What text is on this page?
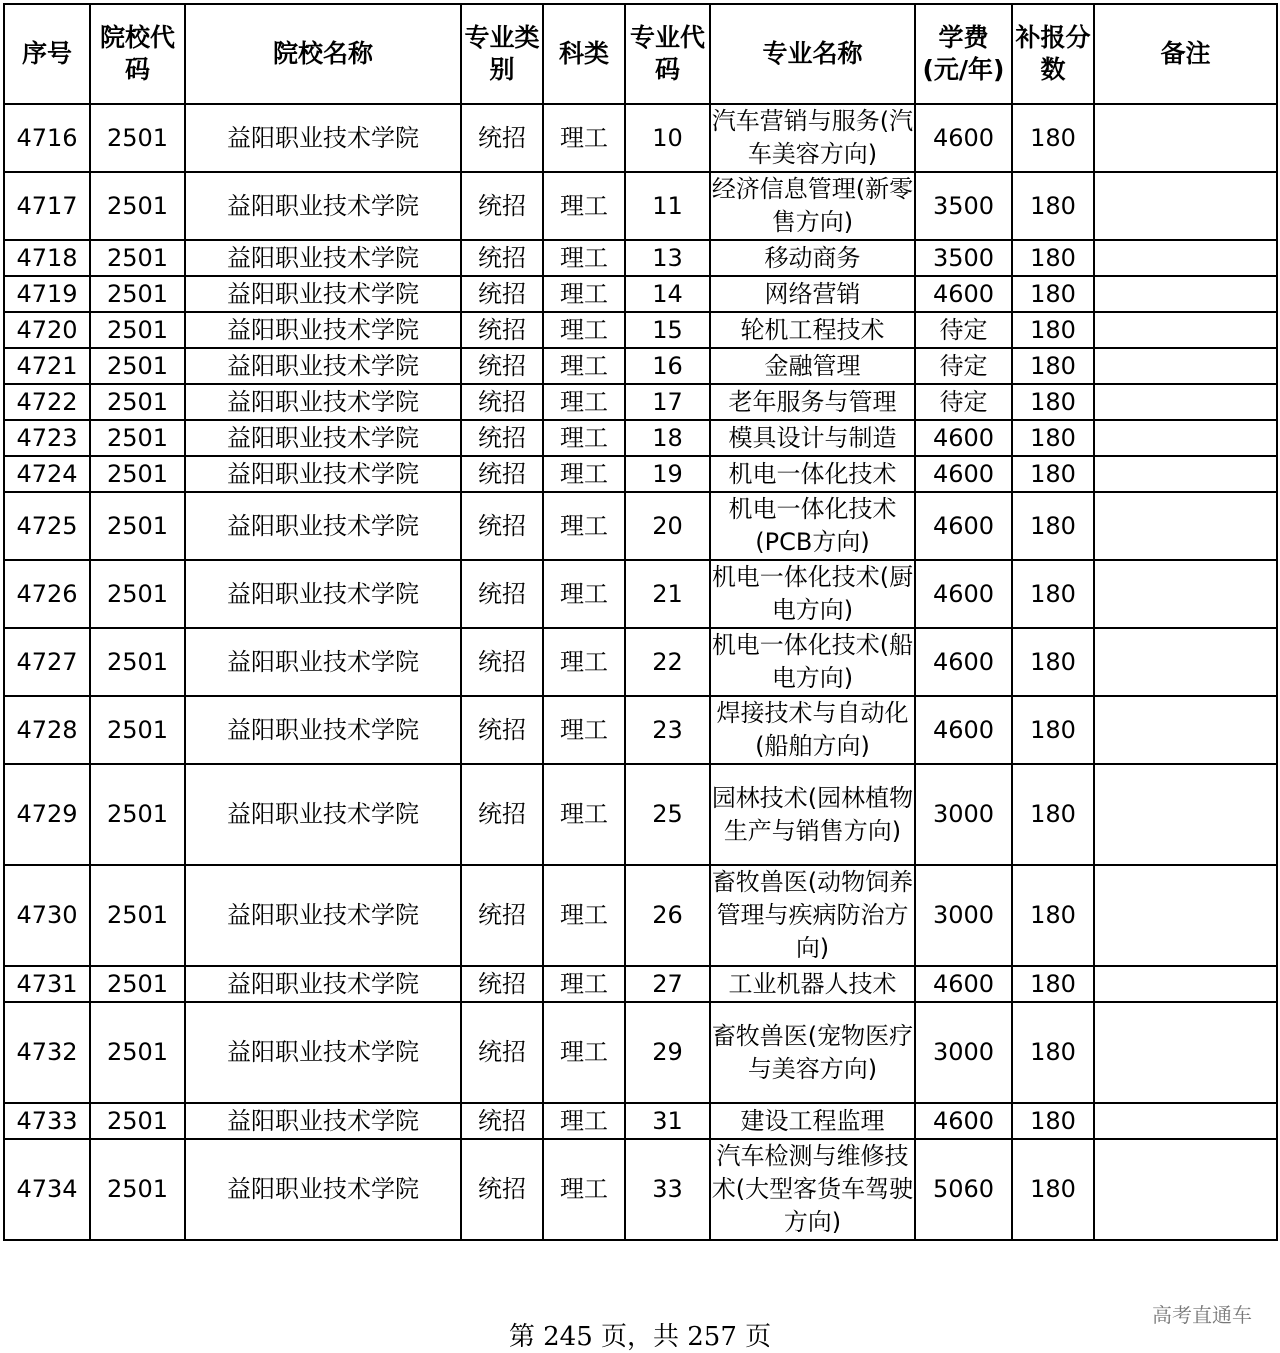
序号	院校代码	院校名称	专业类别	科类	专业代码	专业名称	学费(元/年)	补报分数	备注
4716	2501	益阳职业技术学院	统招	理工	10	汽车营销与服务(汽车美容方向)	4600	180	
4717	2501	益阳职业技术学院	统招	理工	11	经济信息管理(新零售方向)	3500	180	
4718	2501	益阳职业技术学院	统招	理工	13	移动商务	3500	180	
4719	2501	益阳职业技术学院	统招	理工	14	网络营销	4600	180	
4720	2501	益阳职业技术学院	统招	理工	15	轮机工程技术	待定	180	
4721	2501	益阳职业技术学院	统招	理工	16	金融管理	待定	180	
4722	2501	益阳职业技术学院	统招	理工	17	老年服务与管理	待定	180	
4723	2501	益阳职业技术学院	统招	理工	18	模具设计与制造	4600	180	
4724	2501	益阳职业技术学院	统招	理工	19	机电一体化技术	4600	180	
4725	2501	益阳职业技术学院	统招	理工	20	机电一体化技术(PCB方向)	4600	180	
4726	2501	益阳职业技术学院	统招	理工	21	机电一体化技术(厨电方向)	4600	180	
4727	2501	益阳职业技术学院	统招	理工	22	机电一体化技术(船电方向)	4600	180	
4728	2501	益阳职业技术学院	统招	理工	23	焊接技术与自动化(船舶方向)	4600	180	
4729	2501	益阳职业技术学院	统招	理工	25	园林技术(园林植物生产与销售方向)	3000	180	
4730	2501	益阳职业技术学院	统招	理工	26	畜牧兽医(动物饲养管理与疾病防治方向)	3000	180	
4731	2501	益阳职业技术学院	统招	理工	27	工业机器人技术	4600	180	
4732	2501	益阳职业技术学院	统招	理工	29	畜牧兽医(宠物医疗与美容方向)	3000	180	
4733	2501	益阳职业技术学院	统招	理工	31	建设工程监理	4600	180	
4734	2501	益阳职业技术学院	统招	理工	33	汽车检测与维修技术(大型客货车驾驶方向)	5060	180	
第 245 页，共 257 页
高考直通车
